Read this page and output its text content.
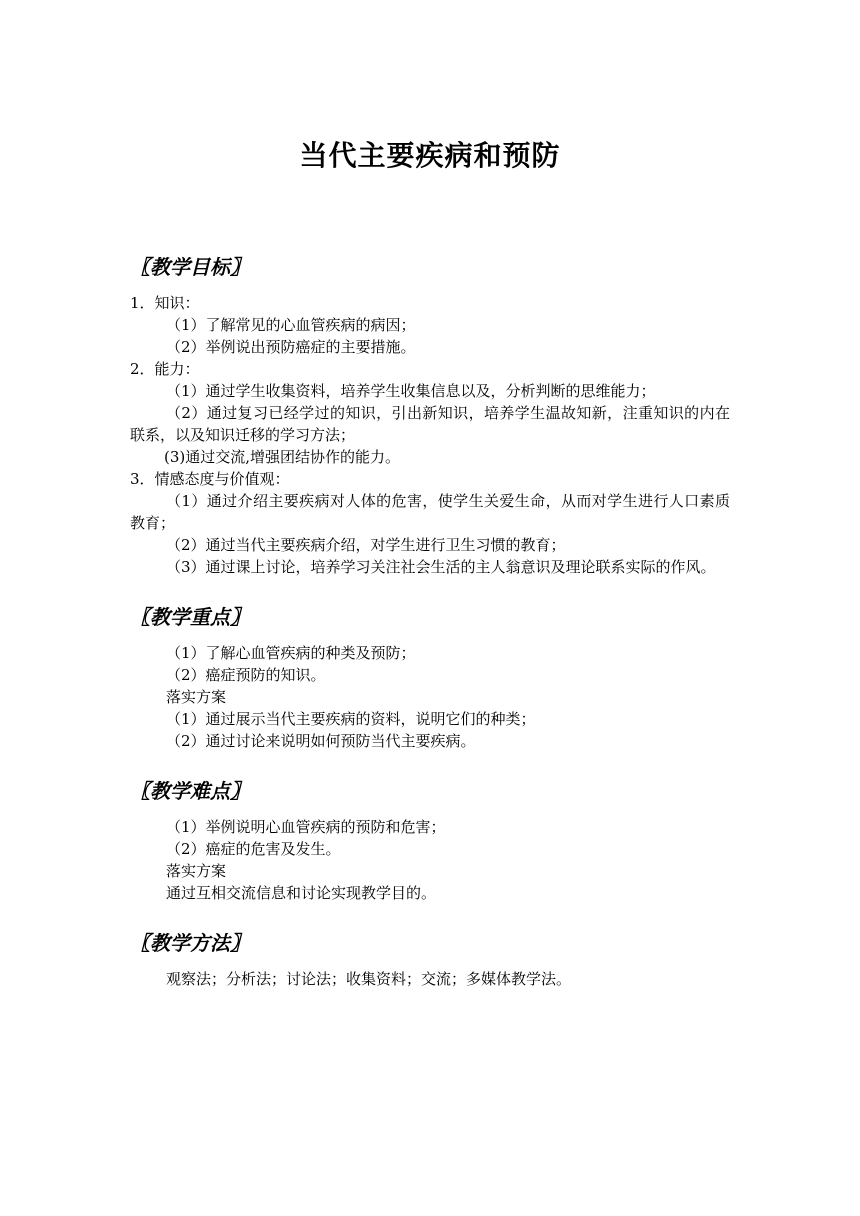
当代主要疾病和预防
〖教学目标〗

1．知识：

（1）了解常见的心血管疾病的病因；

（2）举例说出预防癌症的主要措施。

2．能力：

（1）通过学生收集资料，培养学生收集信息以及，分析判断的思维能力；

（2）通过复习已经学过的知识，引出新知识，培养学生温故知新，注重知识的内在联系，以及知识迁移的学习方法；

(3)通过交流,增强团结协作的能力。

3．情感态度与价值观：

（1）通过介绍主要疾病对人体的危害，使学生关爱生命，从而对学生进行人口素质教育；

（2）通过当代主要疾病介绍，对学生进行卫生习惯的教育；

（3）通过课上讨论，培养学习关注社会生活的主人翁意识及理论联系实际的作风。

〖教学重点〗

（1）了解心血管疾病的种类及预防；

（2）癌症预防的知识。

落实方案

（1）通过展示当代主要疾病的资料，说明它们的种类；

（2）通过讨论来说明如何预防当代主要疾病。

〖教学难点〗

（1）举例说明心血管疾病的预防和危害；

（2）癌症的危害及发生。

落实方案

通过互相交流信息和讨论实现教学目的。

〖教学方法〗

观察法；分析法；讨论法；收集资料；交流；多媒体教学法。
